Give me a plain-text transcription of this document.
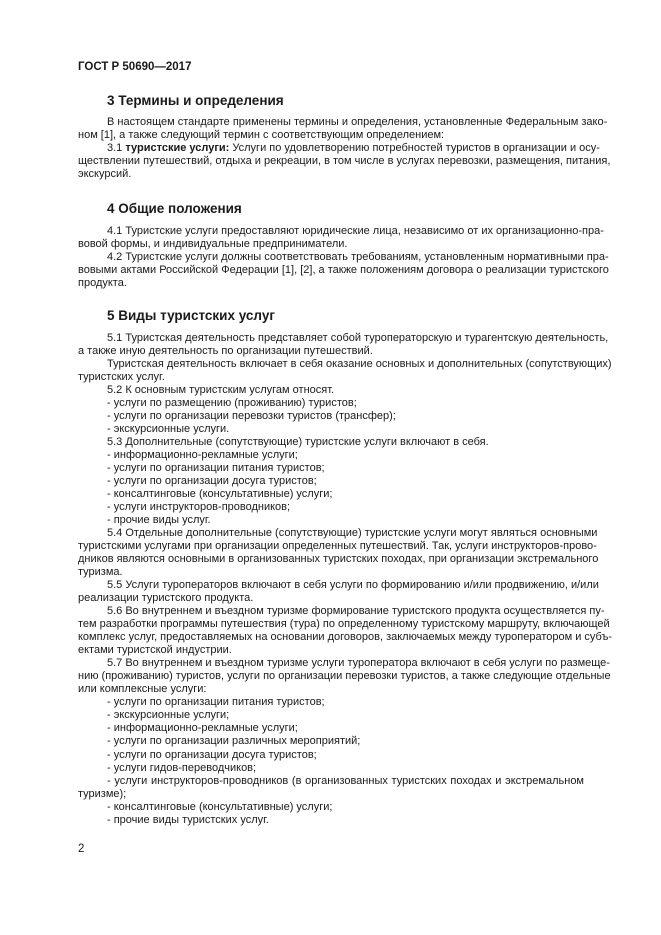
ГОСТ Р 50690—2017
3 Термины и определения
В настоящем стандарте применены термины и определения, установленные Федеральным зако-
ном [1], а также следующий термин с соответствующим определением:
3.1 туристские услуги: Услуги по удовлетворению потребностей туристов в организации и осу-
ществлении путешествий, отдыха и рекреации, в том числе в услугах перевозки, размещения, питания,
экскурсий.
4 Общие положения
4.1 Туристские услуги предоставляют юридические лица, независимо от их организационно-пра-
вовой формы, и индивидуальные предприниматели.
4.2 Туристские услуги должны соответствовать требованиям, установленным нормативными пра-
вовыми актами Российской Федерации [1], [2], а также положениям договора о реализации туристского
продукта.
5 Виды туристских услуг
5.1 Туристская деятельность представляет собой туроператорскую и турагентскую деятельность,
а также иную деятельность по организации путешествий.
Туристская деятельность включает в себя оказание основных и дополнительных (сопутствующих)
туристских услуг.
5.2 К основным туристским услугам относят.
- услуги по размещению (проживанию) туристов;
- услуги по организации перевозки туристов (трансфер);
- экскурсионные услуги.
5.3 Дополнительные (сопутствующие) туристские услуги включают в себя.
- информационно-рекламные услуги;
- услуги по организации питания туристов;
- услуги по организации досуга туристов;
- консалтинговые (консультативные) услуги;
- услуги инструкторов-проводников;
- прочие виды услуг.
5.4 Отдельные дополнительные (сопутствующие) туристские услуги могут являться основными
туристскими услугами при организации определенных путешествий. Так, услуги инструкторов-прово-
дников являются основными в организованных туристских походах, при организации экстремального
туризма.
5.5 Услуги туроператоров включают в себя услуги по формированию и/или продвижению, и/или
реализации туристского продукта.
5.6 Во внутреннем и въездном туризме формирование туристского продукта осуществляется пу-
тем разработки программы путешествия (тура) по определенному туристскому маршруту, включающей
комплекс услуг, предоставляемых на основании договоров, заключаемых между туроператором и субъ-
ектами туристской индустрии.
5.7 Во внутреннем и въездном туризме услуги туроператора включают в себя услуги по размеще-
нию (проживанию) туристов, услуги по организации перевозки туристов, а также следующие отдельные
или комплексные услуги:
- услуги по организации питания туристов;
- экскурсионные услуги;
- информационно-рекламные услуги;
- услуги по организации различных мероприятий;
- услуги по организации досуга туристов;
- услуги гидов-переводчиков;
- услуги инструкторов-проводников (в организованных туристских походах и экстремальном
туризме);
- консалтинговые (консультативные) услуги;
- прочие виды туристских услуг.
2
